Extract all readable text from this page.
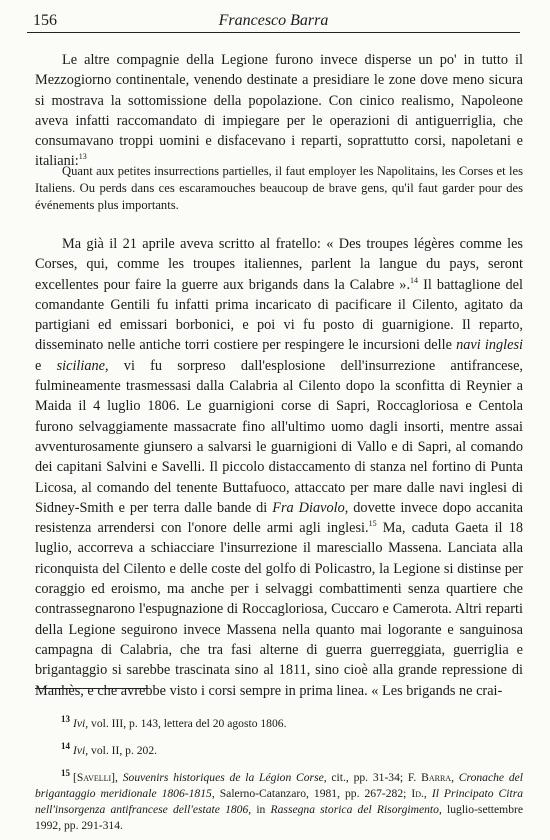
156	Francesco Barra
Le altre compagnie della Legione furono invece disperse un po' in tutto il Mezzogiorno continentale, venendo destinate a presidiare le zone dove meno sicura si mostrava la sottomissione della popolazione. Con cinico realismo, Napoleone aveva infatti raccomandato di impiegare per le operazioni di antiguerriglia, che consumavano troppi uomini e disfacevano i reparti, soprattutto corsi, napoletani e italiani:$^{13}$
Quant aux petites insurrections partielles, il faut employer les Napolitains, les Corses et les Italiens. Ou perds dans ces escaramouches beaucoup de brave gens, qu'il faut garder pour des événements plus importants.
Ma già il 21 aprile aveva scritto al fratello: « Des troupes légères comme les Corses, qui, comme les troupes italiennes, parlent la langue du pays, seront excellentes pour faire la guerre aux brigands dans la Calabre ».$^{14}$ Il battaglione del comandante Gentili fu infatti prima incaricato di pacificare il Cilento, agitato da partigiani ed emissari borbonici, e poi vi fu posto di guarnigione. Il reparto, disseminato nelle antiche torri costiere per respingere le incursioni delle navi inglesi e siciliane, vi fu sorpreso dall'esplosione dell'insurrezione antifrancese, fulmineamente trasmessasi dalla Calabria al Cilento dopo la sconfitta di Reynier a Maida il 4 luglio 1806. Le guarnigioni corse di Sapri, Roccagloriosa e Centola furono selvaggiamente massacrate fino all'ultimo uomo dagli insorti, mentre assai avventurosamente giunsero a salvarsi le guarnigioni di Vallo e di Sapri, al comando dei capitani Salvini e Savelli. Il piccolo distaccamento di stanza nel fortino di Punta Licosa, al comando del tenente Buttafuoco, attaccato per mare dalle navi inglesi di Sidney-Smith e per terra dalle bande di Fra Diavolo, dovette invece dopo accanita resistenza arrendersi con l'onore delle armi agli inglesi.$^{15}$ Ma, caduta Gaeta il 18 luglio, accorreva a schiacciare l'insurrezione il maresciallo Massena. Lanciata alla riconquista del Cilento e delle coste del golfo di Policastro, la Legione si distinse per coraggio ed eroismo, ma anche per i selvaggi combattimenti senza quartiere che contrassegnarono l'espugnazione di Roccagloriosa, Cuccaro e Camerota. Altri reparti della Legione seguirono invece Massena nella quanto mai logorante e sanguinosa campagna di Calabria, che tra fasi alterne di guerra guerreggiata, guerriglia e brigantaggio si sarebbe trascinata sino al 1811, sino cioè alla grande repressione di Manhès, e che avrebbe visto i corsi sempre in prima linea. « Les brigands ne crai-
$^{13}$ Ivi, vol. III, p. 143, lettera del 20 agosto 1806.
$^{14}$ Ivi, vol. II, p. 202.
$^{15}$ [Savelli], Souvenirs historiques de la Légion Corse, cit., pp. 31-34; F. Barra, Cronache del brigantaggio meridionale 1806-1815, Salerno-Catanzaro, 1981, pp. 267-282; Id., Il Principato Citra nell'insorgenza antifrancese dell'estate 1806, in Rassegna storica del Risorgimento, luglio-settembre 1992, pp. 291-314.
